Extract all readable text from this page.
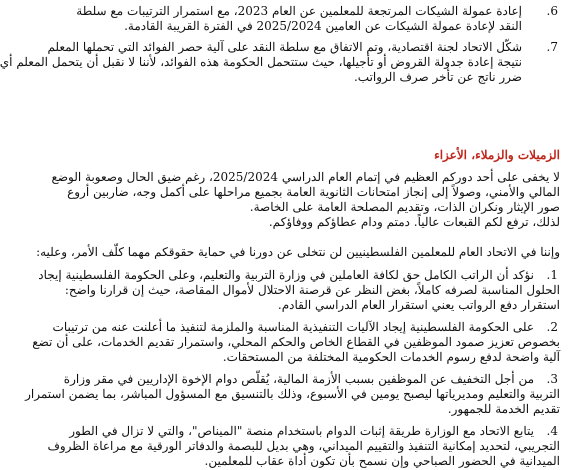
6.
إعادة عمولة الشيكات المرتجعة للمعلمين عن العام 2023، مع استمرار الترتيبات مع سلطة
النقد لإعادة عمولة الشيكات عن العامين 2025/2024 في الفترة القريبة القادمة.
7.
شكّل الاتحاد لجنة اقتصادية، وتم الاتفاق مع سلطة النقد على آلية حصر الفوائد التي تحملها المعلم
نتيجة إعادة جدولة القروض أو تأجيلها، حيث ستتحمل الحكومة هذه الفوائد، لأننا لا نقبل أن يتحمل المعلم أي
ضرر ناتج عن تأخر صرف الرواتب.
الزميلات والزملاء، الأعزاء
لا يخفى على أحد دوركم العظيم في إتمام العام الدراسي 2025/2024، رغم ضيق الحال وصعوبة الوضع
المالي والأمني، وصولاً إلى إنجاز امتحانات الثانوية العامة بجميع مراحلها على أكمل وجه، ضاربين أروع
صور الإيثار ونكران الذات، وتقديم المصلحة العامة على الخاصة.
لذلك، ترفع لكم القبعات عالياً. دمتم ودام عطاؤكم ووفاؤكم.
وإننا في الاتحاد العام للمعلمين الفلسطينيين لن نتخلى عن دورنا في حماية حقوقكم مهما كلّف الأمر، وعليه:
1.
نؤكد أن الراتب الكامل حق لكافة العاملين في وزارة التربية والتعليم، وعلى الحكومة الفلسطينية إيجاد
الحلول المناسبة لصرفه كاملاً، بغض النظر عن قرصنة الاحتلال لأموال المقاصة، حيث إن قرارنا واضح:
استقرار دفع الرواتب يعني استقرار العام الدراسي القادم.
2.
على الحكومة الفلسطينية إيجاد الآليات التنفيذية المناسبة والملزمة لتنفيذ ما أعلنت عنه من ترتيبات
بخصوص تعزيز صمود الموظفين في القطاع الخاص والحكم المحلي، واستمرار تقديم الخدمات، على أن تضع
آلية واضحة لدفع رسوم الخدمات الحكومية المختلفة من المستحقات.
3.
من أجل التخفيف عن الموظفين بسبب الأزمة المالية، يُقلّص دوام الإخوة الإداريين في مقر وزارة
التربية والتعليم ومديرياتها ليصبح يومين في الأسبوع، وذلك بالتنسيق مع المسؤول المباشر، بما يضمن استمرار
تقديم الخدمة للجمهور.
4.
يتابع الاتحاد مع الوزارة طريقة إثبات الدوام باستخدام منصة "الميناص"، والتي لا تزال في الطور
التجريبي، لتحديد إمكانية التنفيذ والتقييم الميداني، وهي بديل للبصمة والدفاتر الورقية مع مراعاة الظروف
الميدانية في الحضور الصباحي وإن نسمح بأن تكون أداة عقاب للمعلمين.
